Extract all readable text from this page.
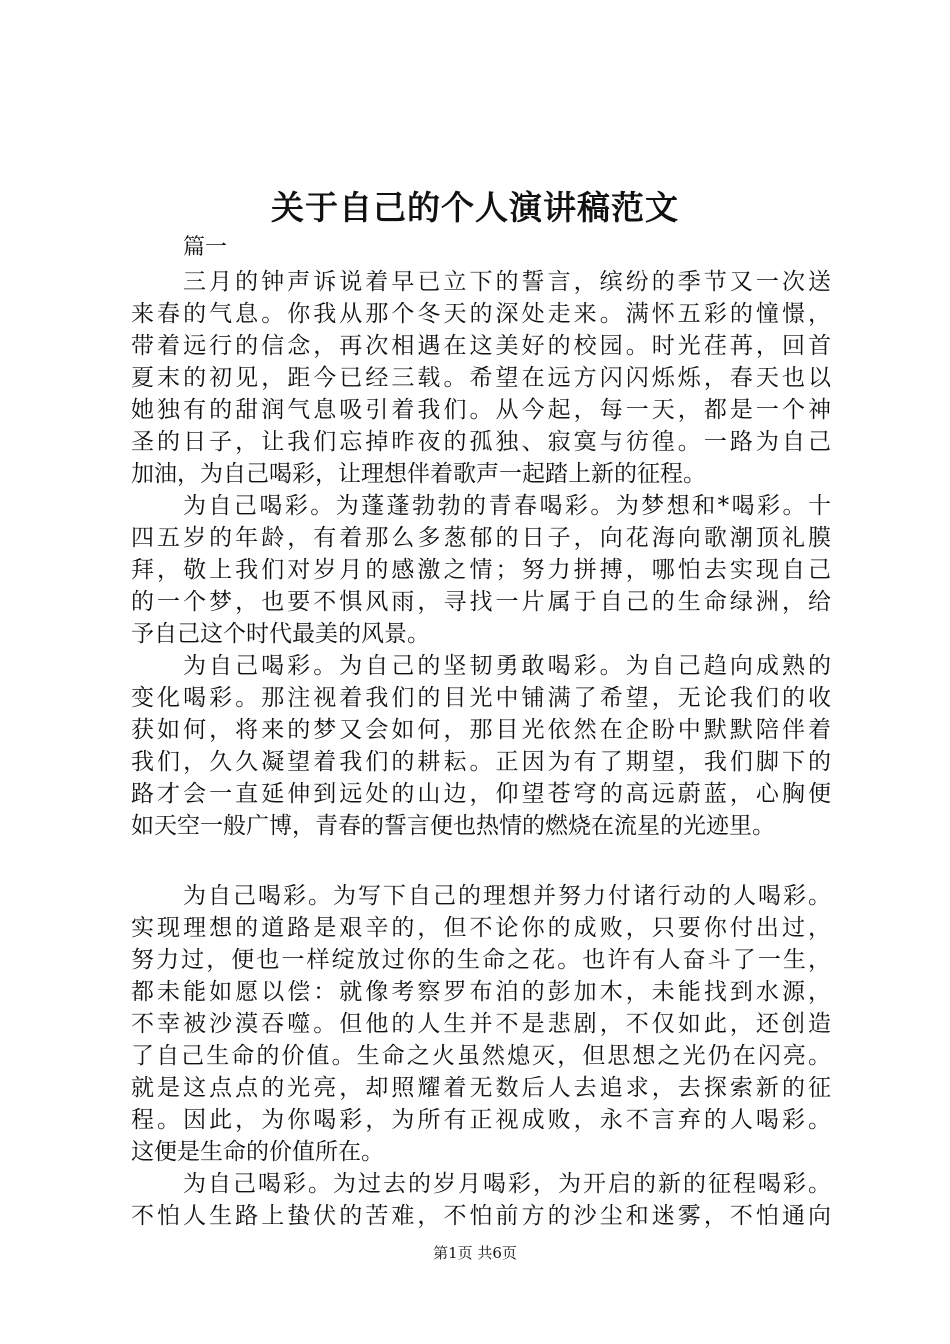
关于自己的个人演讲稿范文
篇一
三月的钟声诉说着早已立下的誓言，缤纷的季节又一次送
来春的气息。你我从那个冬天的深处走来。满怀五彩的憧憬，
带着远行的信念，再次相遇在这美好的校园。时光荏苒，回首
夏末的初见，距今已经三载。希望在远方闪闪烁烁，春天也以
她独有的甜润气息吸引着我们。从今起，每一天，都是一个神
圣的日子，让我们忘掉昨夜的孤独、寂寞与彷徨。一路为自己
加油，为自己喝彩，让理想伴着歌声一起踏上新的征程。
为自己喝彩。为蓬蓬勃勃的青春喝彩。为梦想和*喝彩。十
四五岁的年龄，有着那么多葱郁的日子，向花海向歌潮顶礼膜
拜，敬上我们对岁月的感激之情；努力拼搏，哪怕去实现自己
的一个梦，也要不惧风雨，寻找一片属于自己的生命绿洲，给
予自己这个时代最美的风景。
为自己喝彩。为自己的坚韧勇敢喝彩。为自己趋向成熟的
变化喝彩。那注视着我们的目光中铺满了希望，无论我们的收
获如何，将来的梦又会如何，那目光依然在企盼中默默陪伴着
我们，久久凝望着我们的耕耘。正因为有了期望，我们脚下的
路才会一直延伸到远处的山边，仰望苍穹的高远蔚蓝，心胸便
如天空一般广博，青春的誓言便也热情的燃烧在流星的光迹里。
为自己喝彩。为写下自己的理想并努力付诸行动的人喝彩。
实现理想的道路是艰辛的，但不论你的成败，只要你付出过，
努力过，便也一样绽放过你的生命之花。也许有人奋斗了一生，
都未能如愿以偿：就像考察罗布泊的彭加木，未能找到水源，
不幸被沙漠吞噬。但他的人生并不是悲剧，不仅如此，还创造
了自己生命的价值。生命之火虽然熄灭，但思想之光仍在闪亮。
就是这点点的光亮，却照耀着无数后人去追求，去探索新的征
程。因此，为你喝彩，为所有正视成败，永不言弃的人喝彩。
这便是生命的价值所在。
为自己喝彩。为过去的岁月喝彩，为开启的新的征程喝彩。
不怕人生路上蛰伏的苦难，不怕前方的沙尘和迷雾，不怕通向
第1页 共6页
